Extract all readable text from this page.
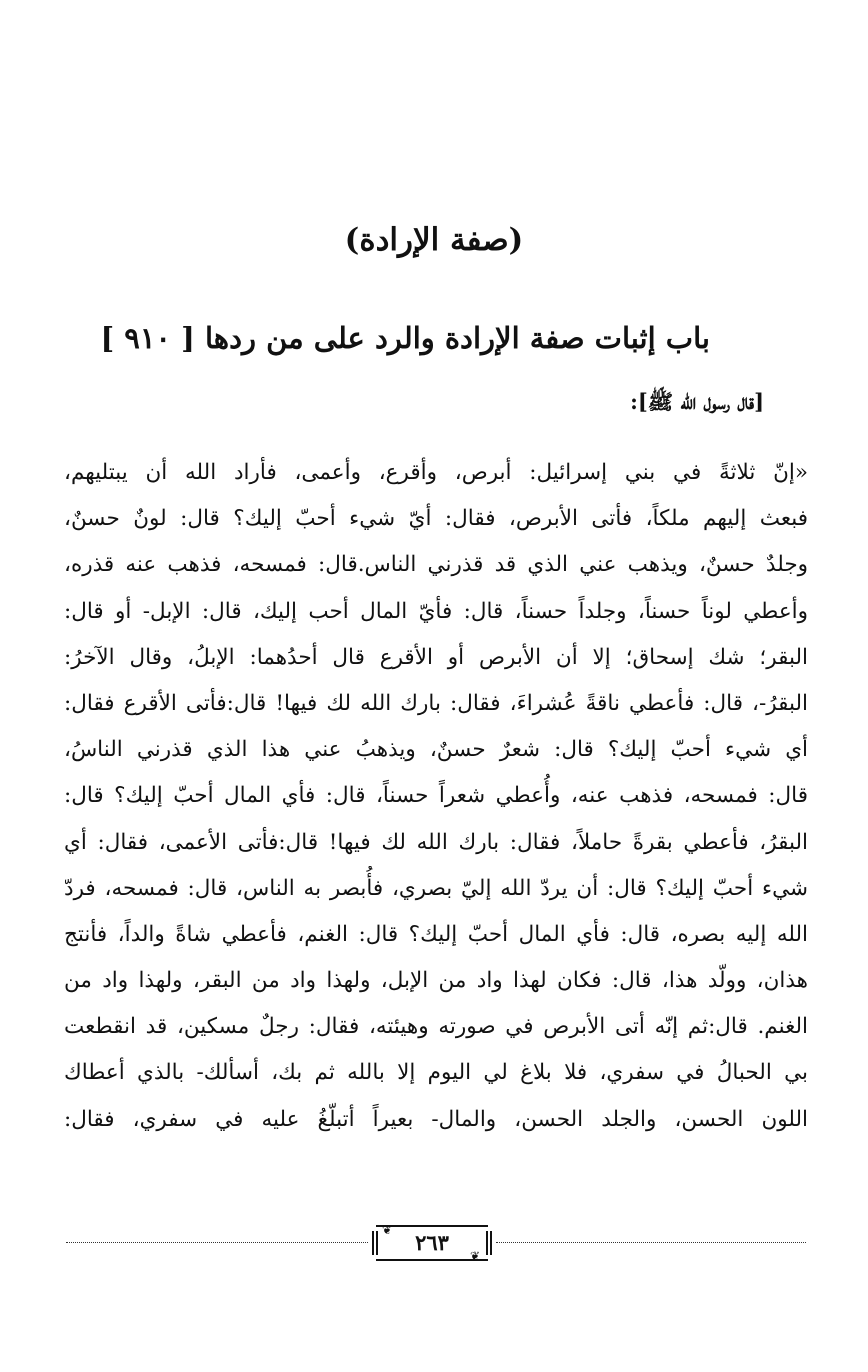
(صفة الإرادة)
باب إثبات صفة الإرادة والرد على من ردها [ ٩١٠ ]
[قال رسول الله ﷺ]:
«إنّ ثلاثةً في بني إسرائيل: أبرص، وأقرع، وأعمى، فأراد الله أن يبتليهم،
فبعث إليهم ملكاً، فأتى الأبرص، فقال: أيّ شيء أحبّ إليك؟ قال: لونٌ حسنٌ،
وجلدٌ حسنٌ، ويذهب عني الذي قد قذرني الناس.قال: فمسحه، فذهب عنه قذره،
وأعطي لوناً حسناً، وجلداً حسناً، قال: فأيّ المال أحب إليك، قال: الإبل- أو قال:
البقر؛ شك إسحاق؛ إلا أن الأبرص أو الأقرع قال أحدُهما: الإبلُ، وقال الآخرُ:
البقرُ-، قال: فأعطي ناقةً عُشراءَ، فقال: بارك الله لك فيها! قال:فأتى الأقرع فقال:
أي شيء أحبّ إليك؟ قال: شعرٌ حسنٌ، ويذهبُ عني هذا الذي قذرني الناسُ،
قال: فمسحه، فذهب عنه، وأُعطي شعراً حسناً، قال: فأي المال أحبّ إليك؟ قال:
البقرُ، فأعطي بقرةً حاملاً، فقال: بارك الله لك فيها! قال:فأتى الأعمى، فقال: أي
شيء أحبّ إليك؟ قال: أن يردّ الله إليّ بصري، فأُبصر به الناس، قال: فمسحه، فردّ
الله إليه بصره، قال: فأي المال أحبّ إليك؟ قال: الغنم، فأعطي شاةً والداً، فأنتج
هذان، وولّد هذا، قال: فكان لهذا واد من الإبل، ولهذا واد من البقر، ولهذا واد من
الغنم. قال:ثم إنّه أتى الأبرص في صورته وهيئته، فقال: رجلٌ مسكين، قد انقطعت
بي الحبالُ في سفري، فلا بلاغ لي اليوم إلا بالله ثم بك، أسألك- بالذي أعطاك
اللون الحسن، والجلد الحسن، والمال- بعيراً أتبلّغُ عليه في سفري، فقال:
❦
❦
٢٦٣
